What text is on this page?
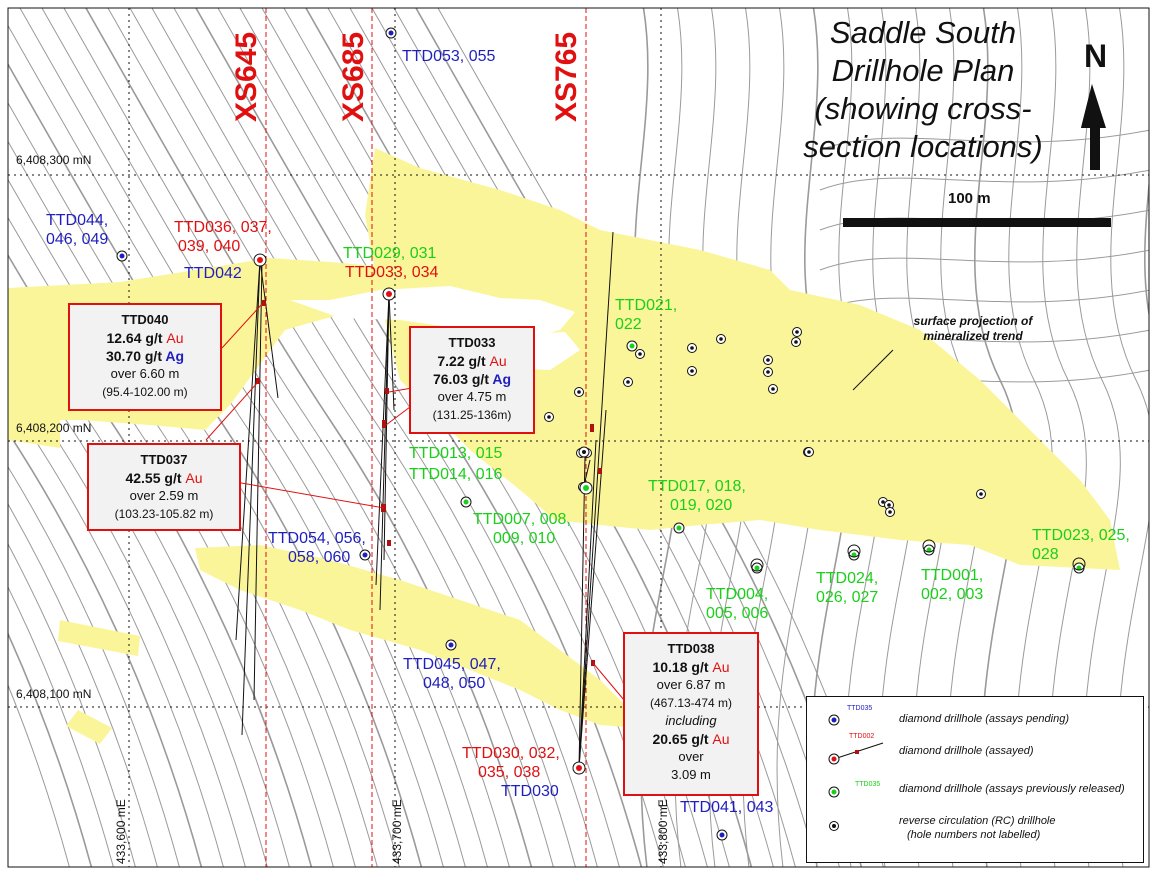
Saddle South
Drillhole Plan
(showing cross-
section locations)
N
100 m
surface projection of
mineralized trend
XS645 XS685	XS765
6,408,300 mN
6,408,200 mN
6,408,100 mN
433,600 mE	433,700 mE	433,800 mE
TTD053, 055
TTD044,
046, 049
TTD036, 037,
039, 040
TTD042
TTD029, 031
TTD033, 034
TTD021,
022
TTD013, 015
TTD014, 016
TTD017, 018,
019, 020
TTD007, 008,
009, 010
TTD054, 056,
058, 060
TTD004,
005, 006
TTD024,
026, 027
TTD001,
002, 003
TTD023, 025,
028
TTD045, 047,
048, 050
TTD030, 032,
035, 038
TTD030
TTD041, 043
TTD040
12.64 g/t Au
30.70 g/t Ag
over 6.60 m
(95.4-102.00 m)
TTD037
42.55 g/t Au
over 2.59 m
(103.23-105.82 m)
TTD033
7.22 g/t Au
76.03 g/t Ag
over 4.75 m
(131.25-136m)
TTD038
10.18 g/t Au
over 6.87 m
(467.13-474 m)
including
20.65 g/t Au
over
3.09 m
TTD035
diamond drillhole (assays pending)
TTD002
diamond drillhole (assayed)
TTD035 diamond drillhole (assays previously released)
reverse circulation (RC) drillhole
(hole numbers not labelled)
